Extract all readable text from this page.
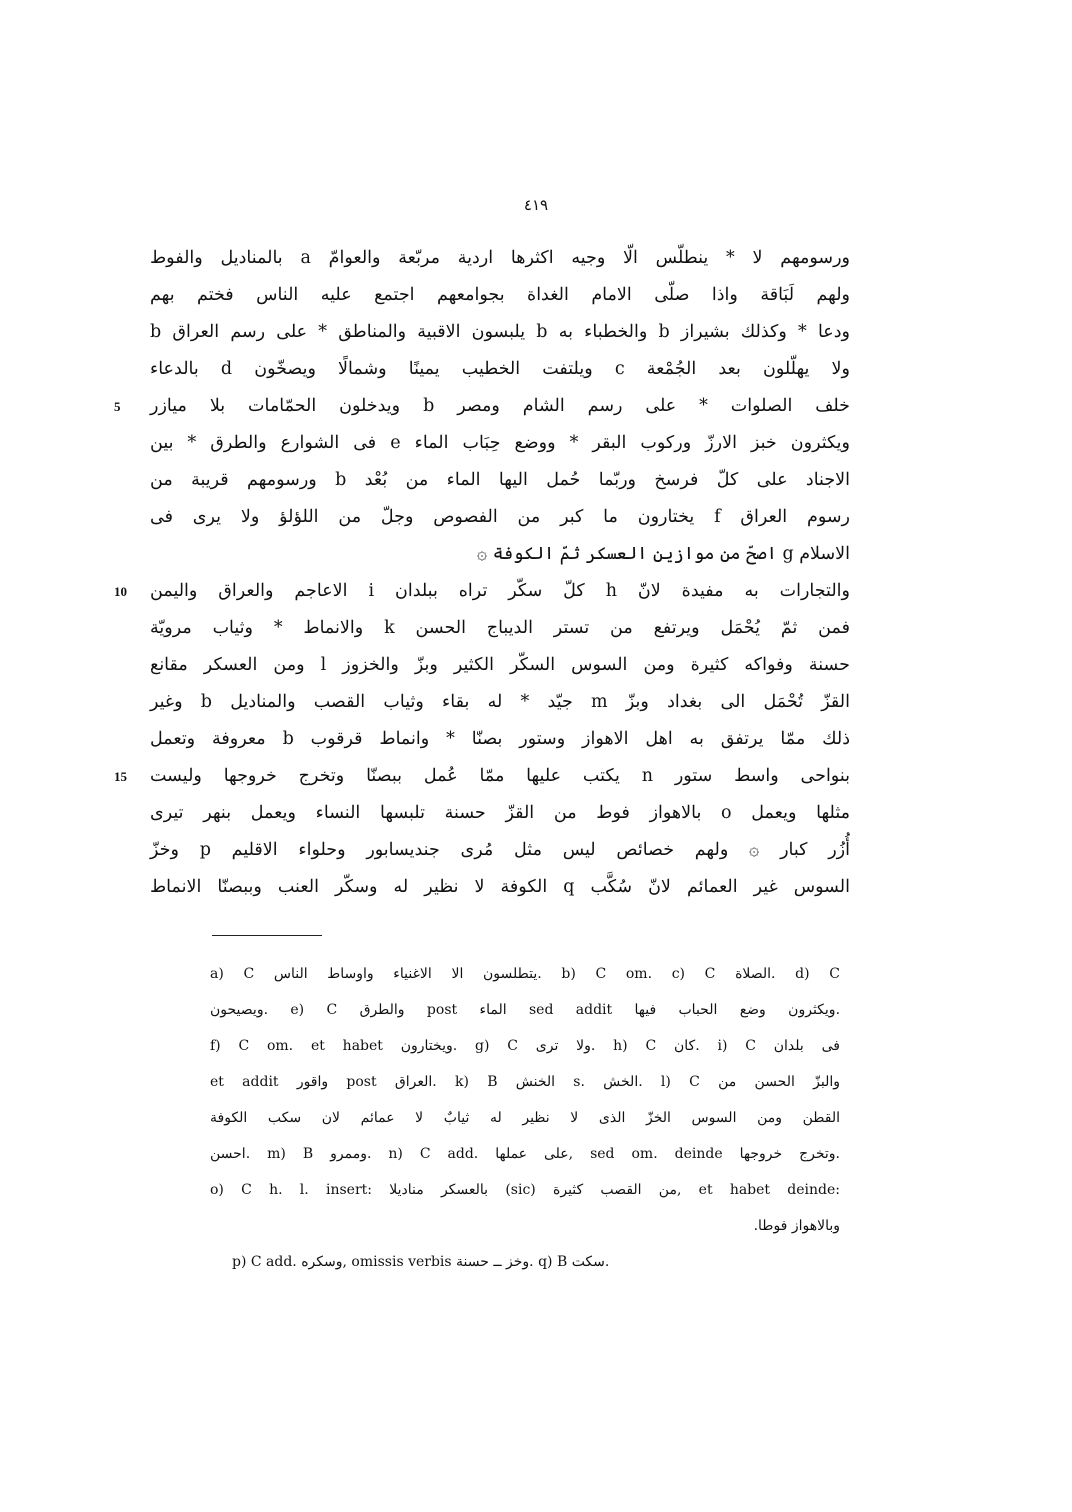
٤١٩
ورسومهم لا * ينطلّس الّا وجيه اكثرها اردية مربّعة والعوامّ a بالمناديل والفوط
ولهم لَبَاقة واذا صلّى الامام الغداة بجوامعهم اجتمع عليه الناس فختم بهم
ودعا * وكذلك بشيراز b والخطباء به b يلبسون الاقبية والمناطق * على رسم العراق b
ولا يهلّلون بعد الجُمْعة c ويلتفت الخطيب يمينًا وشمالًا ويصخّون d بالدعاء
خلف الصلوات * على رسم الشام ومصر b ويدخلون الحمّامات بلا ميازر
5
ويكثرون خبز الارزّ وركوب البقر * ووضع حِبَاب الماء e فى الشوارع والطرق * بين
الاجناد على كلّ فرسخ وربّما حُمل اليها الماء من بُعْد b ورسومهم قريبة من
رسوم العراق f يختارون ما كبر من الفصوص وجلّ من اللؤلؤ ولا يرى فى
الاسلام g اصحّ من موازين العسكر ثمّ الكوفة ۞
والتجارات به مفيدة لانّ h كلّ سكّر تراه ببلدان i الاعاجم والعراق واليمن
10
فمن ثمّ يُحْمَل ويرتفع من تستر الديباج الحسن k والانماط * وثياب مرويّة
حسنة وفواكه كثيرة ومن السوس السكّر الكثير وبزّ والخزوز l ومن العسكر مقانع
القزّ تُحْمَل الى بغداد وبزّ m جيّد * له بقاء وثياب القصب والمناديل b وغير
ذلك ممّا يرتفق به اهل الاهواز وستور بصنّا * وانماط قرقوب b معروفة وتعمل
بنواحى واسط ستور n يكتب عليها ممّا عُمل ببصنّا وتخرج خروجها وليست
15
مثلها ويعمل o بالاهواز فوط من القزّ حسنة تلبسها النساء ويعمل بنهر تيرى
أُزُر كبار ۞ ولهم خصائص ليس مثل مُرى جنديسابور وحلواء الاقليم p وخزّ
السوس غير العمائم لانّ سُكَّب q الكوفة لا نظير له وسكّر العنب وببصنّا الانماط
a) C يتطلسون الا الاغنياء واوساط الناس. b) C om. c) C الصلاة. d) C
ويصيحون. e) C والطرق post الماء sed addit ويكثرون وضع الحباب فيها.
f) C om. et habet ويختارون. g) C ولا ترى. h) C كان. i) C فى بلدان
et addit واقور post العراق. k) B الخنش s. الخش. l) C والبزّ الحسن من
القطن ومن السوس الخزّ الذى لا نظير له ثيابٌ لا عمائم لان سكب الكوفة
احسن. m) B وممرو. n) C add. على عملها, sed om. deinde وتخرج خروجها.
o) C h. l. insert: بالعسكر مناديلا (sic) من القصب كثيرة, et habet deinde:
وبالاهواز فوطا.
p) C add. وسكره, omissis verbis وخز ــ حسنة. q) B سكت.
